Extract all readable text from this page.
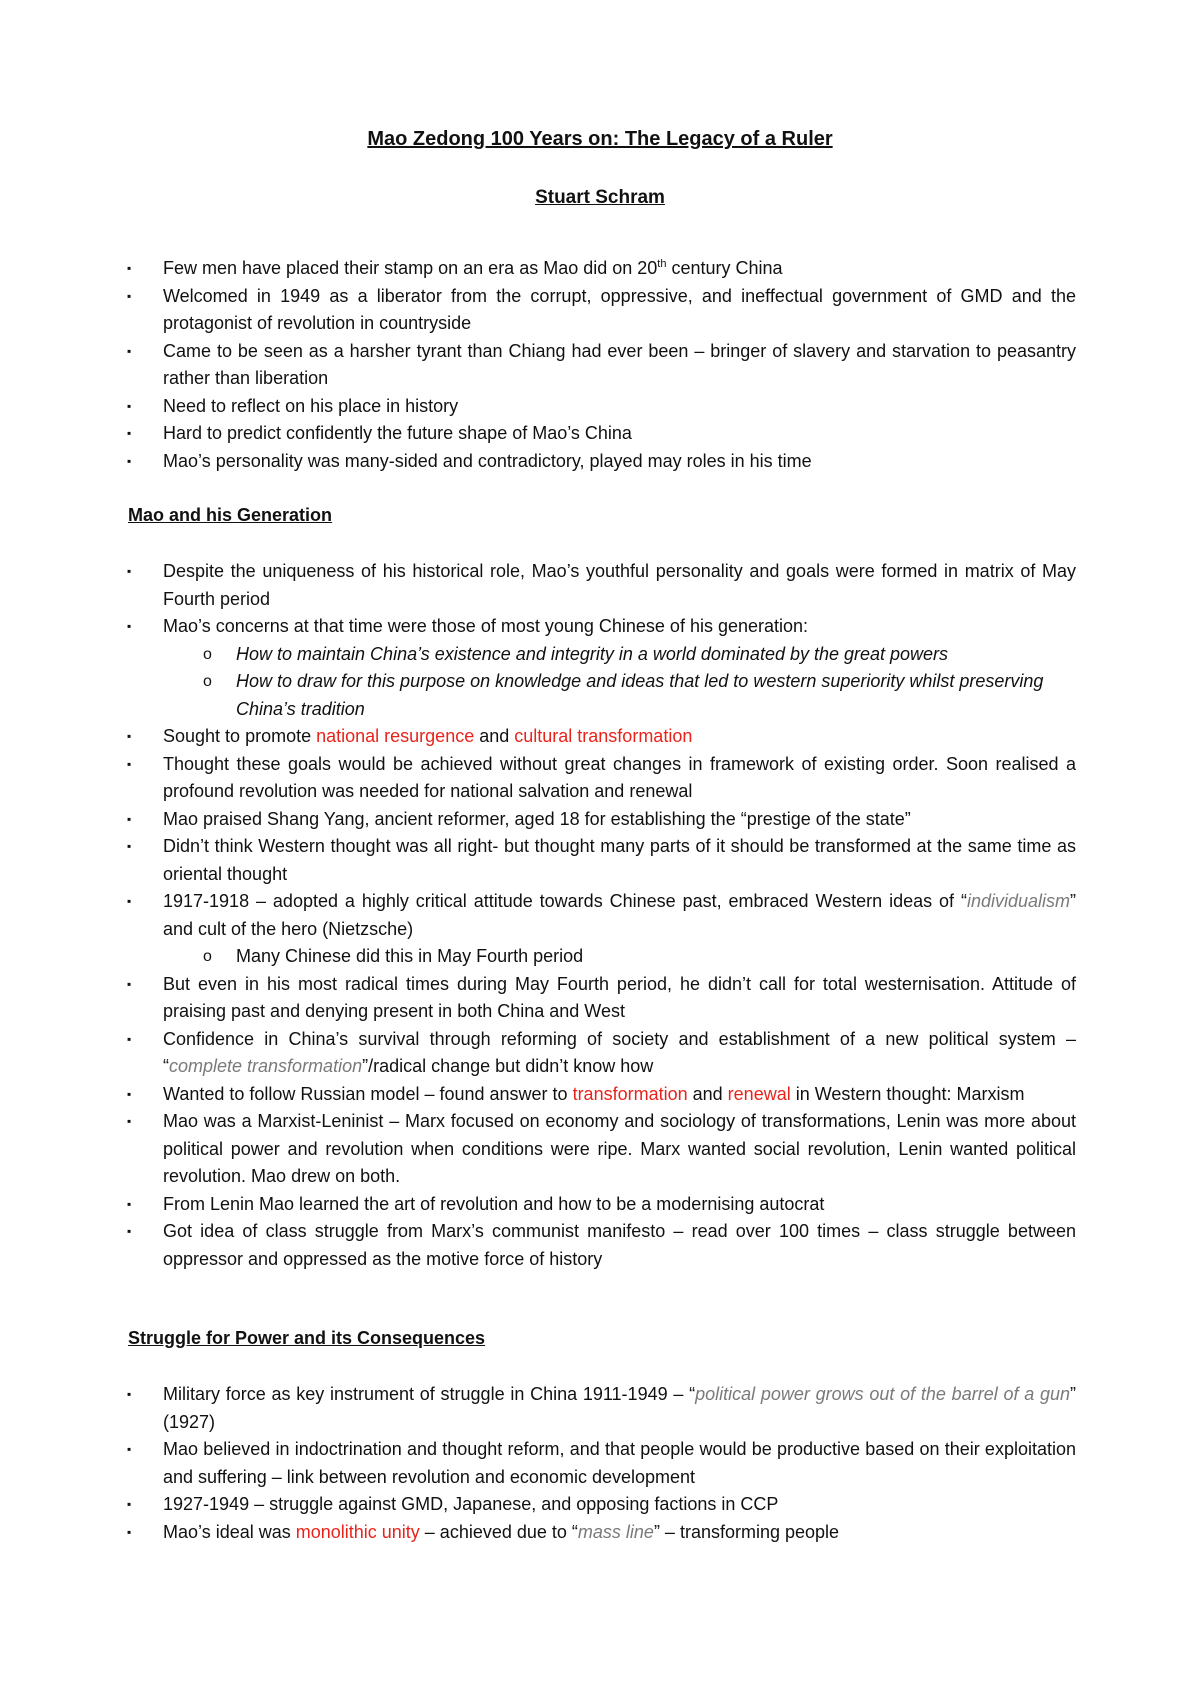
Mao Zedong 100 Years on: The Legacy of a Ruler
Stuart Schram
▪ Few men have placed their stamp on an era as Mao did on 20th century China
▪ Welcomed in 1949 as a liberator from the corrupt, oppressive, and ineffectual government of GMD and the protagonist of revolution in countryside
▪ Came to be seen as a harsher tyrant than Chiang had ever been – bringer of slavery and starvation to peasantry rather than liberation
▪ Need to reflect on his place in history
▪ Hard to predict confidently the future shape of Mao’s China
▪ Mao’s personality was many-sided and contradictory, played may roles in his time
Mao and his Generation
▪ Despite the uniqueness of his historical role, Mao’s youthful personality and goals were formed in matrix of May Fourth period
▪ Mao’s concerns at that time were those of most young Chinese of his generation:
o How to maintain China’s existence and integrity in a world dominated by the great powers
o How to draw for this purpose on knowledge and ideas that led to western superiority whilst preserving China’s tradition
▪ Sought to promote national resurgence and cultural transformation
▪ Thought these goals would be achieved without great changes in framework of existing order. Soon realised a profound revolution was needed for national salvation and renewal
▪ Mao praised Shang Yang, ancient reformer, aged 18 for establishing the “prestige of the state”
▪ Didn’t think Western thought was all right- but thought many parts of it should be transformed at the same time as oriental thought
▪ 1917-1918 – adopted a highly critical attitude towards Chinese past, embraced Western ideas of “individualism” and cult of the hero (Nietzsche)
o Many Chinese did this in May Fourth period
▪ But even in his most radical times during May Fourth period, he didn’t call for total westernisation. Attitude of praising past and denying present in both China and West
▪ Confidence in China’s survival through reforming of society and establishment of a new political system – “complete transformation”/radical change but didn’t know how
▪ Wanted to follow Russian model – found answer to transformation and renewal in Western thought: Marxism
▪ Mao was a Marxist-Leninist – Marx focused on economy and sociology of transformations, Lenin was more about political power and revolution when conditions were ripe. Marx wanted social revolution, Lenin wanted political revolution. Mao drew on both.
▪ From Lenin Mao learned the art of revolution and how to be a modernising autocrat
▪ Got idea of class struggle from Marx’s communist manifesto – read over 100 times – class struggle between oppressor and oppressed as the motive force of history
Struggle for Power and its Consequences
▪ Military force as key instrument of struggle in China 1911-1949 – “political power grows out of the barrel of a gun” (1927)
▪ Mao believed in indoctrination and thought reform, and that people would be productive based on their exploitation and suffering – link between revolution and economic development
▪ 1927-1949 – struggle against GMD, Japanese, and opposing factions in CCP
▪ Mao’s ideal was monolithic unity – achieved due to “mass line” – transforming people
